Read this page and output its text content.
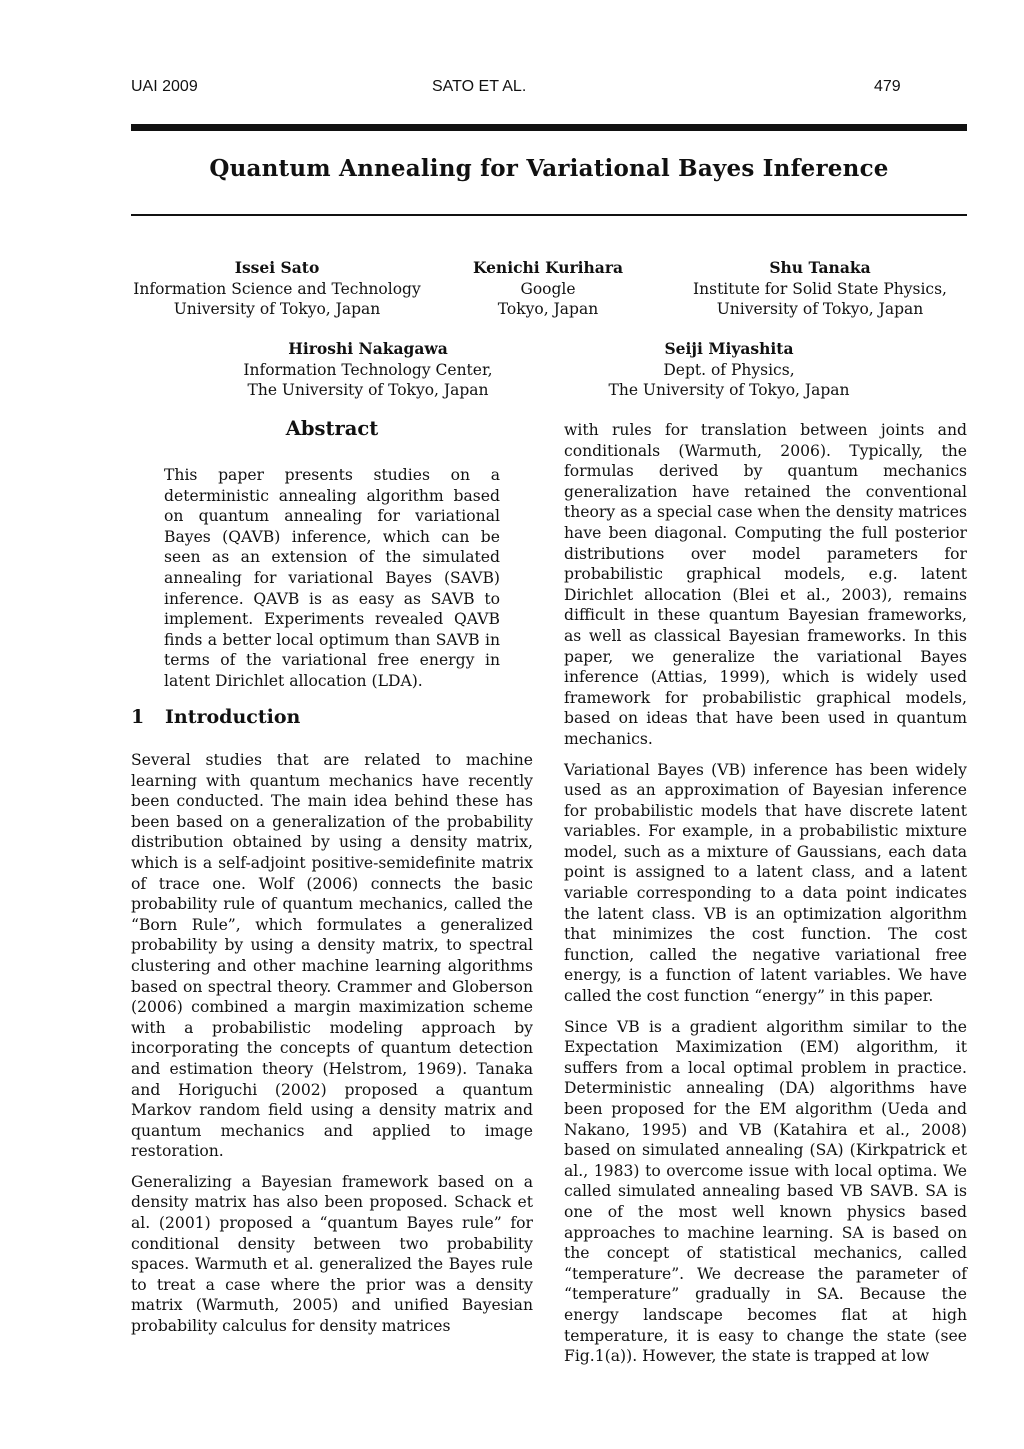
UAI 2009	SATO ET AL.	479
Quantum Annealing for Variational Bayes Inference
Issei Sato
Information Science and Technology
University of Tokyo, Japan
Kenichi Kurihara
Google
Tokyo, Japan
Shu Tanaka
Institute for Solid State Physics,
University of Tokyo, Japan
Hiroshi Nakagawa
Information Technology Center,
The University of Tokyo, Japan
Seiji Miyashita
Dept. of Physics,
The University of Tokyo, Japan
Abstract
This paper presents studies on a deterministic annealing algorithm based on quantum annealing for variational Bayes (QAVB) inference, which can be seen as an extension of the simulated annealing for variational Bayes (SAVB) inference. QAVB is as easy as SAVB to implement. Experiments revealed QAVB finds a better local optimum than SAVB in terms of the variational free energy in latent Dirichlet allocation (LDA).
1 Introduction

Several studies that are related to machine learning with quantum mechanics have recently been conducted. The main idea behind these has been based on a generalization of the probability distribution obtained by using a density matrix, which is a self-adjoint positive-semidefinite matrix of trace one. Wolf (2006) connects the basic probability rule of quantum mechanics, called the “Born Rule”, which formulates a generalized probability by using a density matrix, to spectral clustering and other machine learning algorithms based on spectral theory. Crammer and Globerson (2006) combined a margin maximization scheme with a probabilistic modeling approach by incorporating the concepts of quantum detection and estimation theory (Helstrom, 1969). Tanaka and Horiguchi (2002) proposed a quantum Markov random field using a density matrix and quantum mechanics and applied to image restoration.

Generalizing a Bayesian framework based on a density matrix has also been proposed. Schack et al. (2001) proposed a “quantum Bayes rule” for conditional density between two probability spaces. Warmuth et al. generalized the Bayes rule to treat a case where the prior was a density matrix (Warmuth, 2005) and unified Bayesian probability calculus for density matrices

with rules for translation between joints and conditionals (Warmuth, 2006). Typically, the formulas derived by quantum mechanics generalization have retained the conventional theory as a special case when the density matrices have been diagonal. Computing the full posterior distributions over model parameters for probabilistic graphical models, e.g. latent Dirichlet allocation (Blei et al., 2003), remains difficult in these quantum Bayesian frameworks, as well as classical Bayesian frameworks. In this paper, we generalize the variational Bayes inference (Attias, 1999), which is widely used framework for probabilistic graphical models, based on ideas that have been used in quantum mechanics.

Variational Bayes (VB) inference has been widely used as an approximation of Bayesian inference for probabilistic models that have discrete latent variables. For example, in a probabilistic mixture model, such as a mixture of Gaussians, each data point is assigned to a latent class, and a latent variable corresponding to a data point indicates the latent class. VB is an optimization algorithm that minimizes the cost function. The cost function, called the negative variational free energy, is a function of latent variables. We have called the cost function “energy” in this paper.

Since VB is a gradient algorithm similar to the Expectation Maximization (EM) algorithm, it suffers from a local optimal problem in practice. Deterministic annealing (DA) algorithms have been proposed for the EM algorithm (Ueda and Nakano, 1995) and VB (Katahira et al., 2008) based on simulated annealing (SA) (Kirkpatrick et al., 1983) to overcome issue with local optima. We called simulated annealing based VB SAVB. SA is one of the most well known physics based approaches to machine learning. SA is based on the concept of statistical mechanics, called “temperature”. We decrease the parameter of “temperature” gradually in SA. Because the energy landscape becomes flat at high temperature, it is easy to change the state (see Fig.1(a)). However, the state is trapped at low
